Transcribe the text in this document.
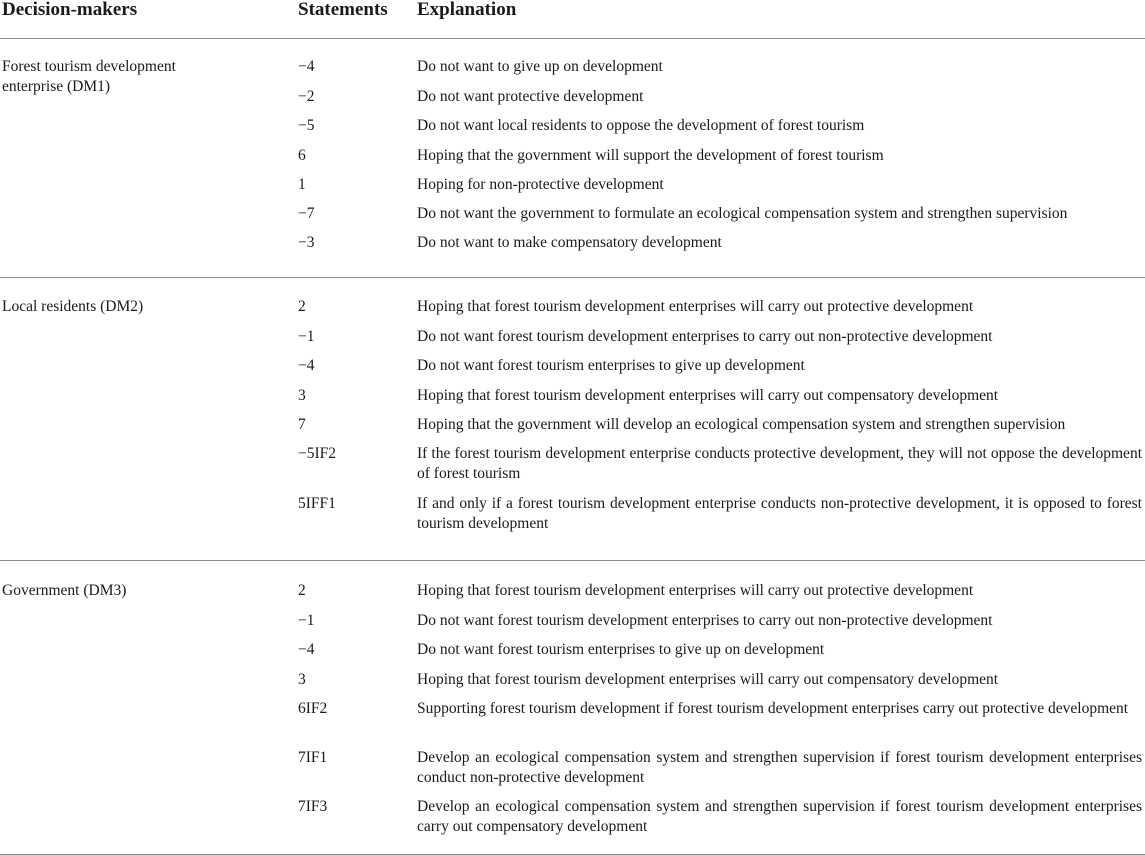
Decision-makers	Statements Explanation
Forest tourism development enterprise (DM1)
−4	Do not want to give up on development
−2	Do not want protective development
−5	Do not want local residents to oppose the development of forest tourism
6	Hoping that the government will support the development of forest tourism
1	Hoping for non-protective development
−7	Do not want the government to formulate an ecological compensation system and strengthen supervision
−3	Do not want to make compensatory development
Local residents (DM2)	2	Hoping that forest tourism development enterprises will carry out protective development
−1	Do not want forest tourism development enterprises to carry out non-protective development
−4	Do not want forest tourism enterprises to give up development
3	Hoping that forest tourism development enterprises will carry out compensatory development
7	Hoping that the government will develop an ecological compensation system and strengthen supervision
−5IF2	If the forest tourism development enterprise conducts protective development, they will not oppose the development of forest tourism
5IFF1	If and only if a forest tourism development enterprise conducts non-protective development, it is opposed to forest tourism development
Government (DM3)	2	Hoping that forest tourism development enterprises will carry out protective development
−1	Do not want forest tourism development enterprises to carry out non-protective development
−4	Do not want forest tourism enterprises to give up on development
3	Hoping that forest tourism development enterprises will carry out compensatory development
6IF2	Supporting forest tourism development if forest tourism development enterprises carry out protective development
7IF1	Develop an ecological compensation system and strengthen supervision if forest tourism development enterprises conduct non-protective development
7IF3	Develop an ecological compensation system and strengthen supervision if forest tourism development enterprises carry out compensatory development
